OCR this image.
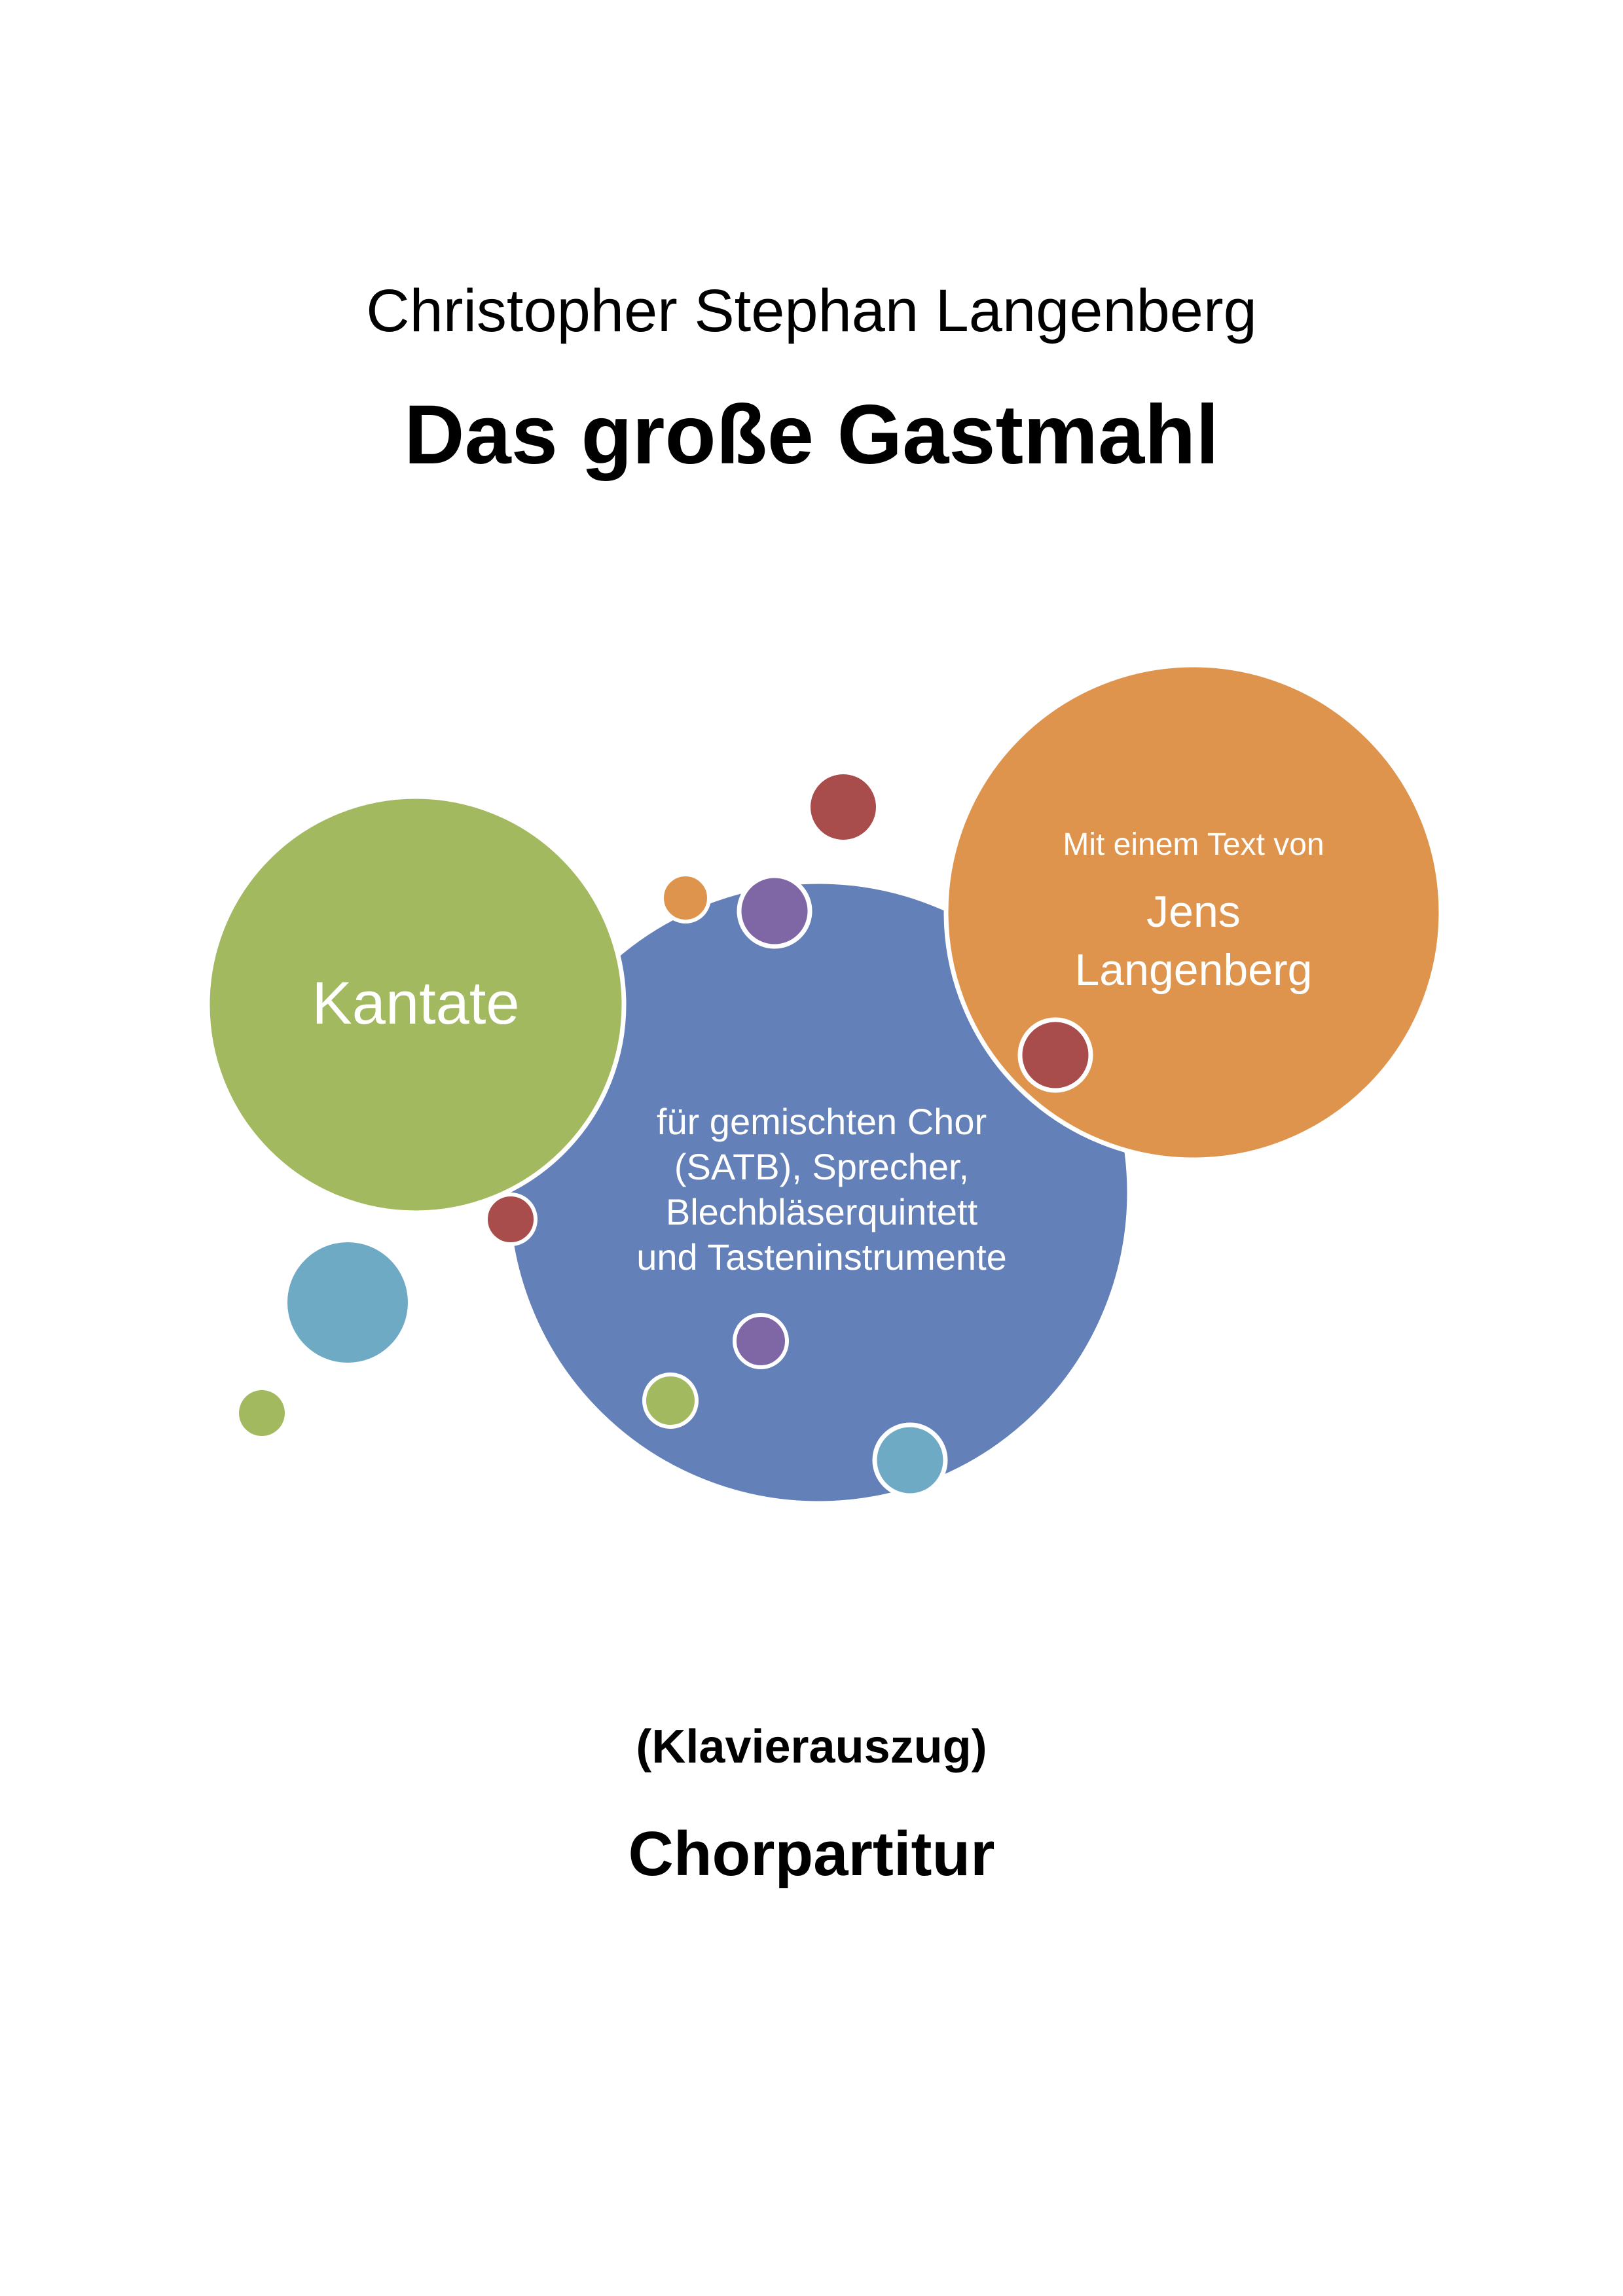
Christopher Stephan Langenberg
Das große Gastmahl
Kantate
Mit einem Text von
Jens
Langenberg
für gemischten Chor
(SATB), Sprecher,
Blechbläserquintett
und Tasteninstrumente
(Klavierauszug)
Chorpartitur
